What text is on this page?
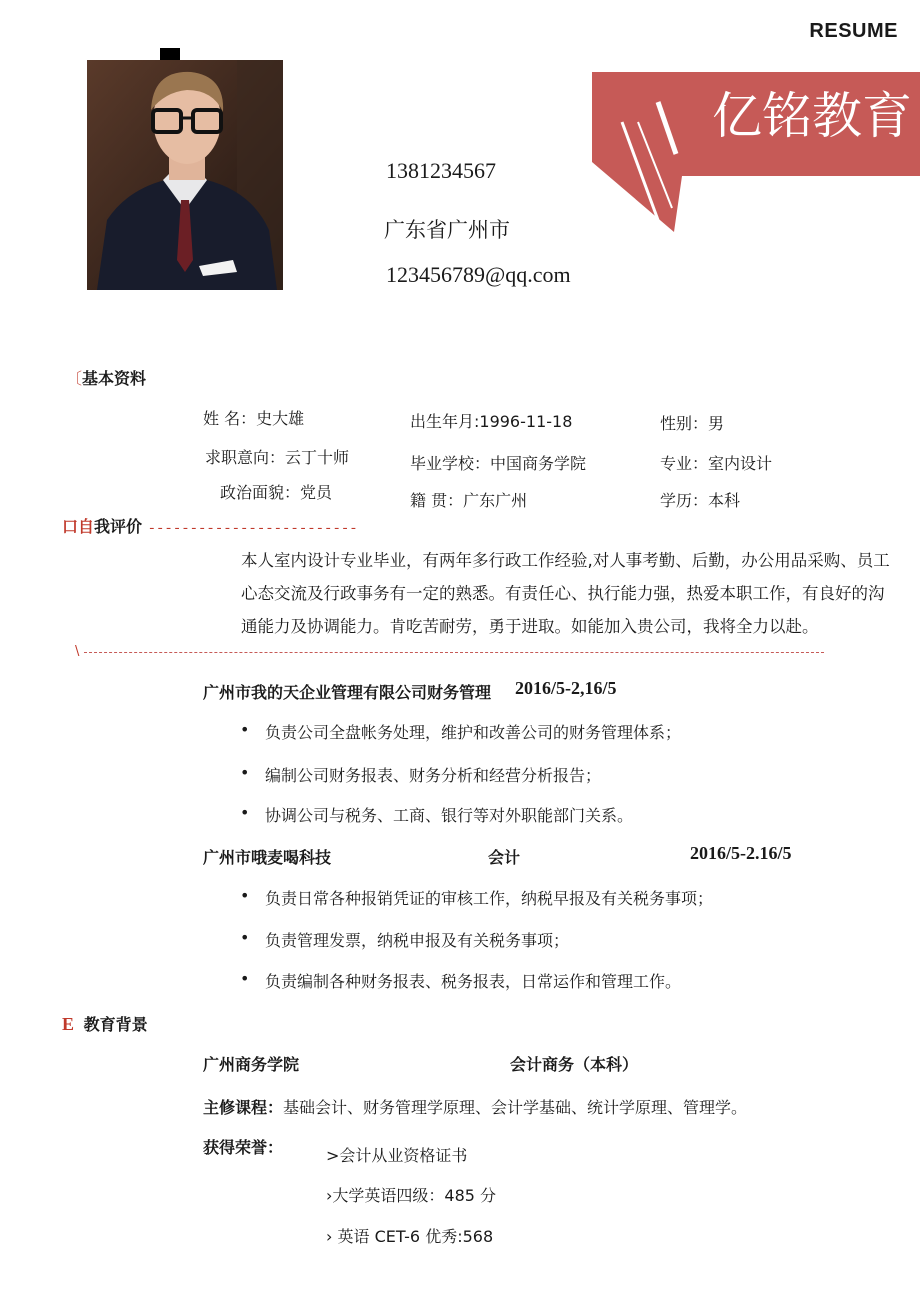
RESUME
亿铭教育
1381234567
广东省广州市
123456789@qq.com
〔基本资料
姓 名：史大雄	出生年月:1996-11-18	性别：男
求职意向：云丁十师	毕业学校：中国商务学院	专业：室内设计
政治面貌：党员	籍 贯：广东广州	学历：本科
口自我评价 -------------------------
本人室内设计专业毕业，有两年多行政工作经验,对人事考勤、后勤，办公用品采购、员工心态交流及行政事务有一定的熟悉。有责任心、执行能力强，热爱本职工作，有良好的沟通能力及协调能力。肯吃苦耐劳，勇于进取。如能加入贵公司，我将全力以赴。
\
广州市我的天企业管理有限公司财务管理 2016/5-2,16/5
• 负责公司全盘帐务处理，维护和改善公司的财务管理体系；
• 编制公司财务报表、财务分析和经营分析报告；
• 协调公司与税务、工商、银行等对外职能部门关系。
广州市哦麦喝科技	会计	2016/5-2.16/5
• 负责日常各种报销凭证的审核工作，纳税早报及有关税务事项；
• 负责管理发票，纳税申报及有关税务事项；
• 负责编制各种财务报表、税务报表，日常运作和管理工作。
E 教育背景
广州商务学院	会计商务（本科）
主修课程：基础会计、财务管理学原理、会计学基础、统计学原理、管理学。
获得荣誉：	>会计从业资格证书
›大学英语四级：485 分
› 英语 CET-6 优秀:568
